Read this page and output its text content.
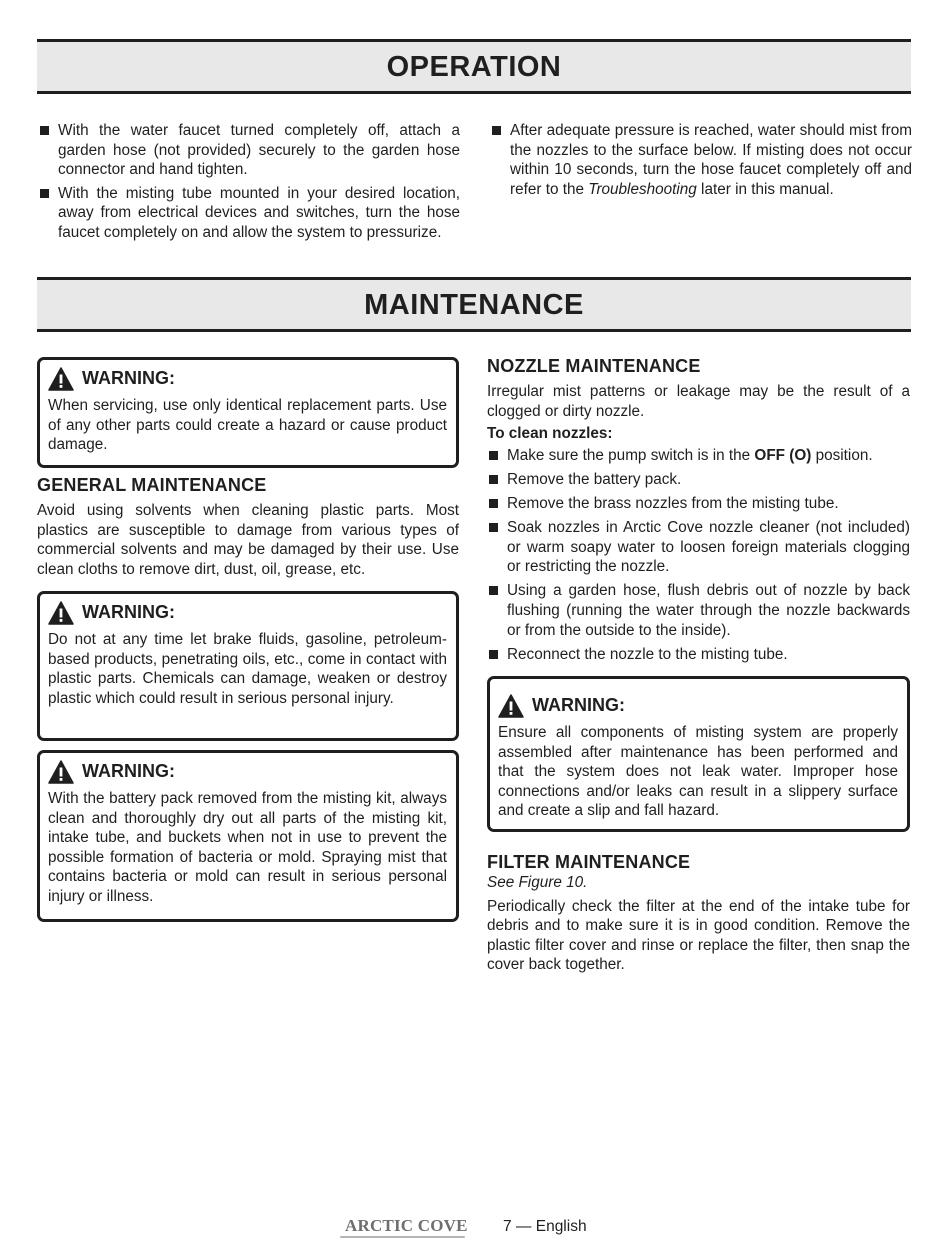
OPERATION
With the water faucet turned completely off, attach a garden hose (not provided) securely to the garden hose connector and hand tighten.
With the misting tube mounted in your desired location, away from electrical devices and switches, turn the hose faucet completely on and allow the system to pressurize.
After adequate pressure is reached, water should mist from the nozzles to the surface below. If misting does not occur within 10 seconds, turn the hose faucet completely off and refer to the Troubleshooting later in this manual.
MAINTENANCE
WARNING:
When servicing, use only identical replacement parts. Use of any other parts could create a hazard or cause product damage.
GENERAL MAINTENANCE
Avoid using solvents when cleaning plastic parts. Most plastics are susceptible to damage from various types of commercial solvents and may be damaged by their use. Use clean cloths to remove dirt, dust, oil, grease, etc.
WARNING:
Do not at any time let brake fluids, gasoline, petroleum-based products, penetrating oils, etc., come in contact with plastic parts. Chemicals can damage, weaken or destroy plastic which could result in serious personal injury.
WARNING:
With the battery pack removed from the misting kit, always clean and thoroughly dry out all parts of the misting kit, intake tube, and buckets when not in use to prevent the possible formation of bacteria or mold. Spraying mist that contains bacteria or mold can result in serious personal injury or illness.
NOZZLE MAINTENANCE
Irregular mist patterns or leakage may be the result of a clogged or dirty nozzle.
To clean nozzles:
Make sure the pump switch is in the OFF (O) position.
Remove the battery pack.
Remove the brass nozzles from the misting tube.
Soak nozzles in Arctic Cove nozzle cleaner (not included) or warm soapy water to loosen foreign materials clogging or restricting the nozzle.
Using a garden hose, flush debris out of nozzle by back flushing (running the water through the nozzle backwards or from the outside to the inside).
Reconnect the nozzle to the misting tube.
WARNING:
Ensure all components of misting system are properly assembled after maintenance has been performed and that the system does not leak water. Improper hose connections and/or leaks can result in a slippery surface and create a slip and fall hazard.
FILTER MAINTENANCE
See Figure 10.
Periodically check the filter at the end of the intake tube for debris and to make sure it is in good condition. Remove the plastic filter cover and rinse or replace the filter, then snap the cover back together.
ARCTIC COVE 7 — English
